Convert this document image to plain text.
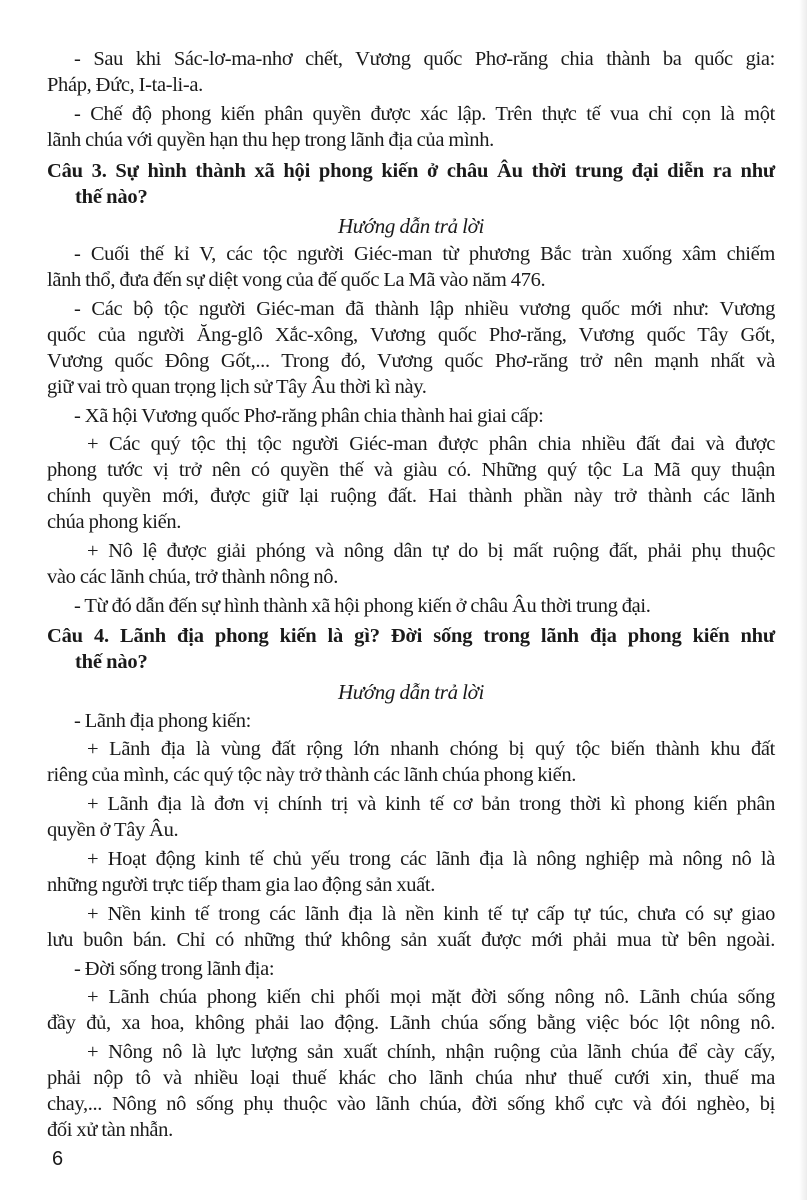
- Sau khi Sác-lơ-ma-nhơ chết, Vương quốc Phơ-răng chia thành ba quốc gia:
Pháp, Đức, I-ta-li-a.
- Chế độ phong kiến phân quyền được xác lập. Trên thực tế vua chỉ cọn là một
lãnh chúa với quyền hạn thu hẹp trong lãnh địa của mình.
Câu 3. Sự hình thành xã hội phong kiến ở châu Âu thời trung đại diễn ra như
thế nào?
Hướng dẫn trả lời
- Cuối thế kỉ V, các tộc người Giéc-man từ phương Bắc tràn xuống xâm chiếm
lãnh thổ, đưa đến sự diệt vong của đế quốc La Mã vào năm 476.
- Các bộ tộc người Giéc-man đã thành lập nhiều vương quốc mới như: Vương
quốc của người Ăng-glô Xắc-xông, Vương quốc Phơ-răng, Vương quốc Tây Gốt,
Vương quốc Đông Gốt,... Trong đó, Vương quốc Phơ-răng trở nên mạnh nhất và
giữ vai trò quan trọng lịch sử Tây Âu thời kì này.
- Xã hội Vương quốc Phơ-răng phân chia thành hai giai cấp:
+ Các quý tộc thị tộc người Giéc-man được phân chia nhiều đất đai và được
phong tước vị trở nên có quyền thế và giàu có. Những quý tộc La Mã quy thuận
chính quyền mới, được giữ lại ruộng đất. Hai thành phần này trở thành các lãnh
chúa phong kiến.
+ Nô lệ được giải phóng và nông dân tự do bị mất ruộng đất, phải phụ thuộc
vào các lãnh chúa, trở thành nông nô.
- Từ đó dẫn đến sự hình thành xã hội phong kiến ở châu Âu thời trung đại.
Câu 4. Lãnh địa phong kiến là gì? Đời sống trong lãnh địa phong kiến như
thế nào?
Hướng dẫn trả lời
- Lãnh địa phong kiến:
+ Lãnh địa là vùng đất rộng lớn nhanh chóng bị quý tộc biến thành khu đất
riêng của mình, các quý tộc này trở thành các lãnh chúa phong kiến.
+ Lãnh địa là đơn vị chính trị và kinh tế cơ bản trong thời kì phong kiến phân
quyền ở Tây Âu.
+ Hoạt động kinh tế chủ yếu trong các lãnh địa là nông nghiệp mà nông nô là
những người trực tiếp tham gia lao động sản xuất.
+ Nền kinh tế trong các lãnh địa là nền kinh tế tự cấp tự túc, chưa có sự giao
lưu buôn bán. Chỉ có những thứ không sản xuất được mới phải mua từ bên ngoài.
- Đời sống trong lãnh địa:
+ Lãnh chúa phong kiến chi phối mọi mặt đời sống nông nô. Lãnh chúa sống
đầy đủ, xa hoa, không phải lao động. Lãnh chúa sống bằng việc bóc lột nông nô.
+ Nông nô là lực lượng sản xuất chính, nhận ruộng của lãnh chúa để cày cấy,
phải nộp tô và nhiều loại thuế khác cho lãnh chúa như thuế cưới xin, thuế ma
chay,... Nông nô sống phụ thuộc vào lãnh chúa, đời sống khổ cực và đói nghèo, bị
đối xử tàn nhẫn.
6
